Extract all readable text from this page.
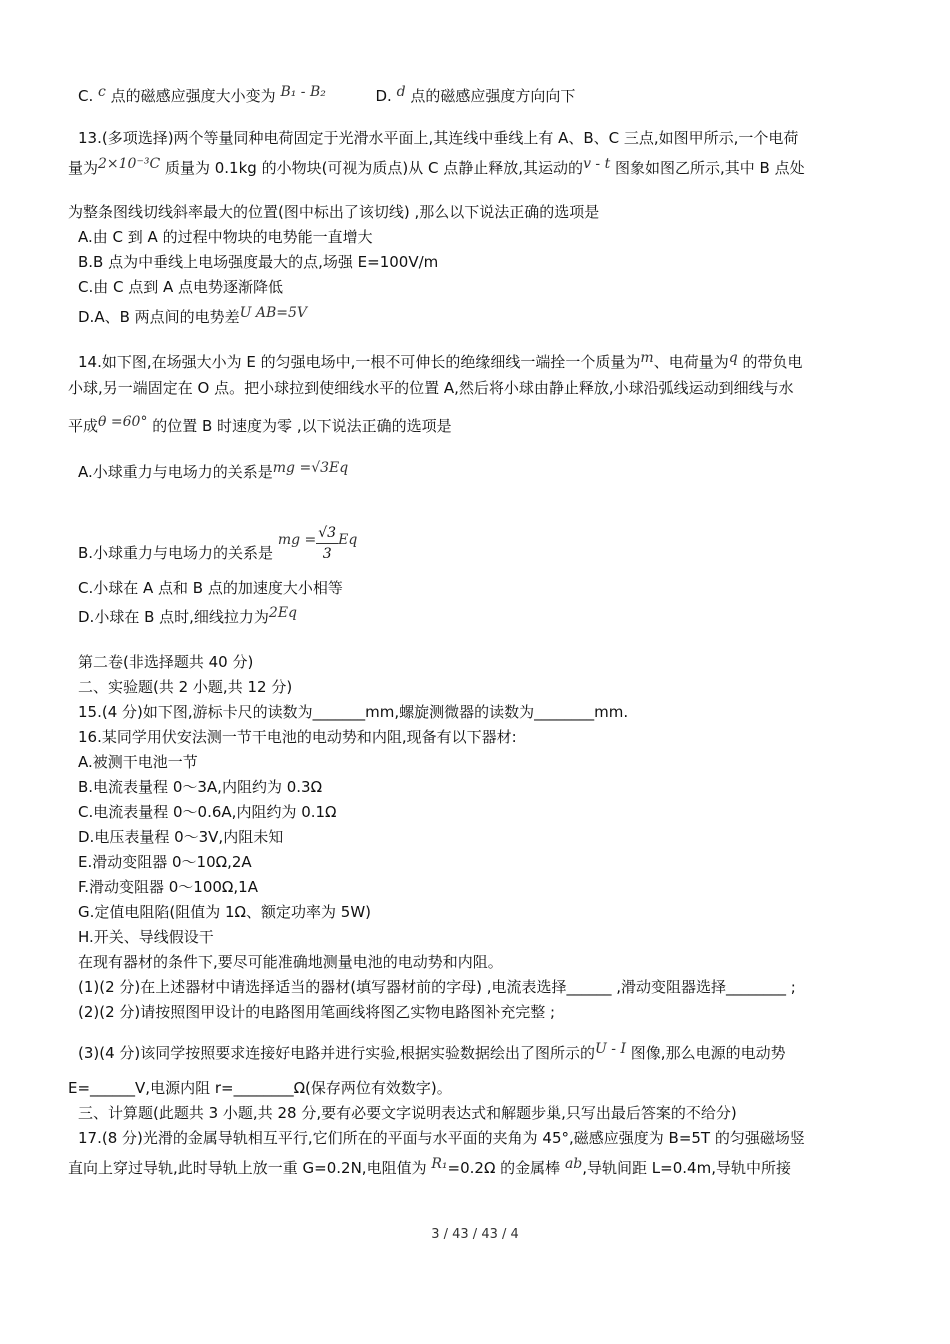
C. c 点的磁感应强度大小变为 B₁ - B₂	D. d 点的磁感应强度方向向下
13.(多项选择)两个等量同种电荷固定于光滑水平面上,其连线中垂线上有 A、B、C 三点,如图甲所示,一个电荷
量为2×10⁻³C 质量为 0.1kg 的小物块(可视为质点)从 C 点静止释放,其运动的v - t 图象如图乙所示,其中 B 点处
为整条图线切线斜率最大的位置(图中标出了该切线) ,那么以下说法正确的选项是
A.由 C 到 A 的过程中物块的电势能一直增大
B.B 点为中垂线上电场强度最大的点,场强 E=100V/m
C.由 C 点到 A 点电势逐渐降低
D.A、B 两点间的电势差U AB=5V
14.如下图,在场强大小为 E 的匀强电场中,一根不可伸长的绝缘细线一端拴一个质量为m、电荷量为q 的带负电
小球,另一端固定在 O 点。把小球拉到使细线水平的位置 A,然后将小球由静止释放,小球沿弧线运动到细线与水
平成θ =60° 的位置 B 时速度为零 ,以下说法正确的选项是
A.小球重力与电场力的关系是mg =√3Eq
B.小球重力与电场力的关系是 mg = $\frac{√3}{3}$ Eq
C.小球在 A 点和 B 点的加速度大小相等
D.小球在 B 点时,细线拉力为2Eq
第二卷(非选择题共 40 分)
二、实验题(共 2 小题,共 12 分)
15.(4 分)如下图,游标卡尺的读数为_______mm,螺旋测微器的读数为________mm.
16.某同学用伏安法测一节干电池的电动势和内阻,现备有以下器材:
A.被测干电池一节
B.电流表量程 0～3A,内阻约为 0.3Ω
C.电流表量程 0～0.6A,内阻约为 0.1Ω
D.电压表量程 0～3V,内阻未知
E.滑动变阻器 0～10Ω,2A
F.滑动变阻器 0～100Ω,1A
G.定值电阻陷(阻值为 1Ω、额定功率为 5W)
H.开关、导线假设干
在现有器材的条件下,要尽可能准确地测量电池的电动势和内阻。
(1)(2 分)在上述器材中请选择适当的器材(填写器材前的字母) ,电流表选择______ ,滑动变阻器选择________ ;
(2)(2 分)请按照图甲设计的电路图用笔画线将图乙实物电路图补充完整 ;
(3)(4 分)该同学按照要求连接好电路并进行实验,根据实验数据绘出了图所示的U - I 图像,那么电源的电动势
E=______V,电源内阻 r=________Ω(保存两位有效数字)。
三、计算题(此题共 3 小题,共 28 分,要有必要文字说明表达式和解题步巢,只写出最后答案的不给分)
17.(8 分)光滑的金属导轨相互平行,它们所在的平面与水平面的夹角为 45°,磁感应强度为 B=5T 的匀强磁场竖
直向上穿过导轨,此时导轨上放一重 G=0.2N,电阻值为 R₁=0.2Ω 的金属棒 ab,导轨间距 L=0.4m,导轨中所接
3 / 43 / 43 / 4
